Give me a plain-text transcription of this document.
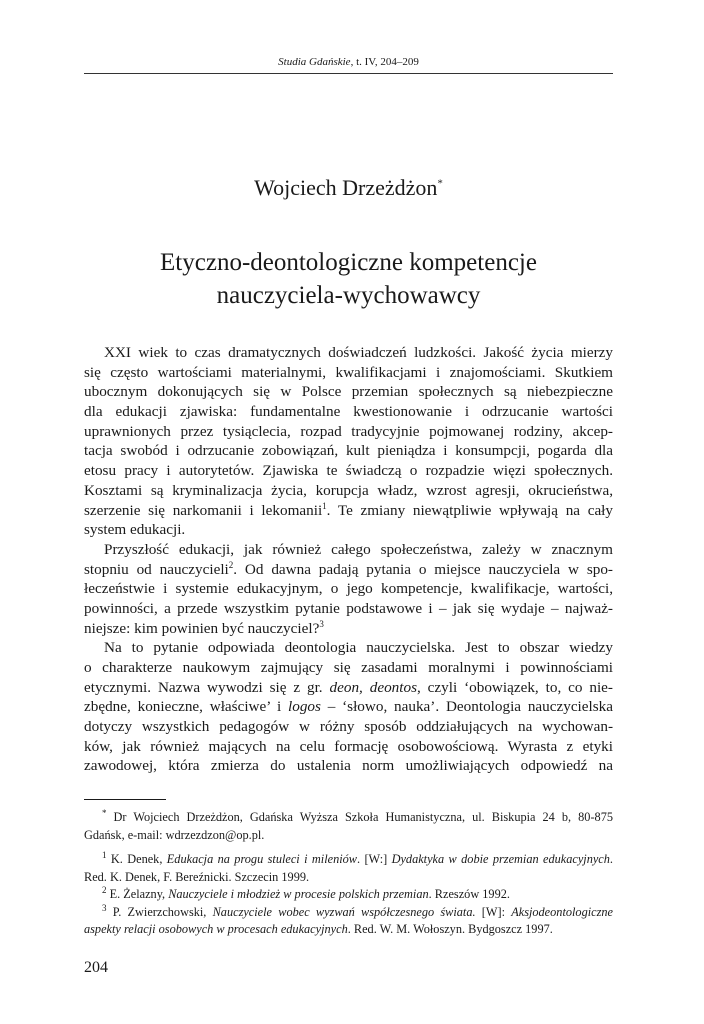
Studia Gdańskie, t. IV, 204–209
Wojciech Drzeżdżon*
Etyczno-deontologiczne kompetencje
nauczyciela-wychowawcy
XXI wiek to czas dramatycznych doświadczeń ludzkości. Jakość życia mierzy
się często wartościami materialnymi, kwalifikacjami i znajomościami. Skutkiem
ubocznym dokonujących się w Polsce przemian społecznych są niebezpieczne
dla edukacji zjawiska: fundamentalne kwestionowanie i odrzucanie wartości
uprawnionych przez tysiąclecia, rozpad tradycyjnie pojmowanej rodziny, akcep-
tacja swobód i odrzucanie zobowiązań, kult pieniądza i konsumpcji, pogarda dla
etosu pracy i autorytetów. Zjawiska te świadczą o rozpadzie więzi społecznych.
Kosztami są kryminalizacja życia, korupcja władz, wzrost agresji, okrucieństwa,
szerzenie się narkomanii i lekomanii$^1$. Te zmiany niewątpliwie wpływają na cały
system edukacji.
Przyszłość edukacji, jak również całego społeczeństwa, zależy w znacznym
stopniu od nauczycieli$^2$. Od dawna padają pytania o miejsce nauczyciela w spo-
łeczeństwie i systemie edukacyjnym, o jego kompetencje, kwalifikacje, wartości,
powinności, a przede wszystkim pytanie podstawowe i – jak się wydaje – najważ-
niejsze: kim powinien być nauczyciel?$^3$
Na to pytanie odpowiada deontologia nauczycielska. Jest to obszar wiedzy
o charakterze naukowym zajmujący się zasadami moralnymi i powinnościami
etycznymi. Nazwa wywodzi się z gr. deon, deontos, czyli ‘obowiązek, to, co nie-
zbędne, konieczne, właściwe’ i logos – ‘słowo, nauka’. Deontologia nauczycielska
dotyczy wszystkich pedagogów w różny sposób oddziałujących na wychowan-
ków, jak również mających na celu formację osobowościową. Wyrasta z etyki
zawodowej, która zmierza do ustalenia norm umożliwiających odpowiedź na
* Dr Wojciech Drzeżdżon, Gdańska Wyższa Szkoła Humanistyczna, ul. Biskupia 24 b, 80-875
Gdańsk, e-mail: wdrzezdzon@op.pl.
$^1$ K. Denek, Edukacja na progu stuleci i mileniów. [W:] Dydaktyka w dobie przemian edukacyjnych.
Red. K. Denek, F. Bereźnicki. Szczecin 1999.
$^2$ E. Żelazny, Nauczyciele i młodzież w procesie polskich przemian. Rzeszów 1992.
$^3$ P. Zwierzchowski, Nauczyciele wobec wyzwań współczesnego świata. [W]: Aksjodeontologiczne
aspekty relacji osobowych w procesach edukacyjnych. Red. W. M. Wołoszyn. Bydgoszcz 1997.
204
